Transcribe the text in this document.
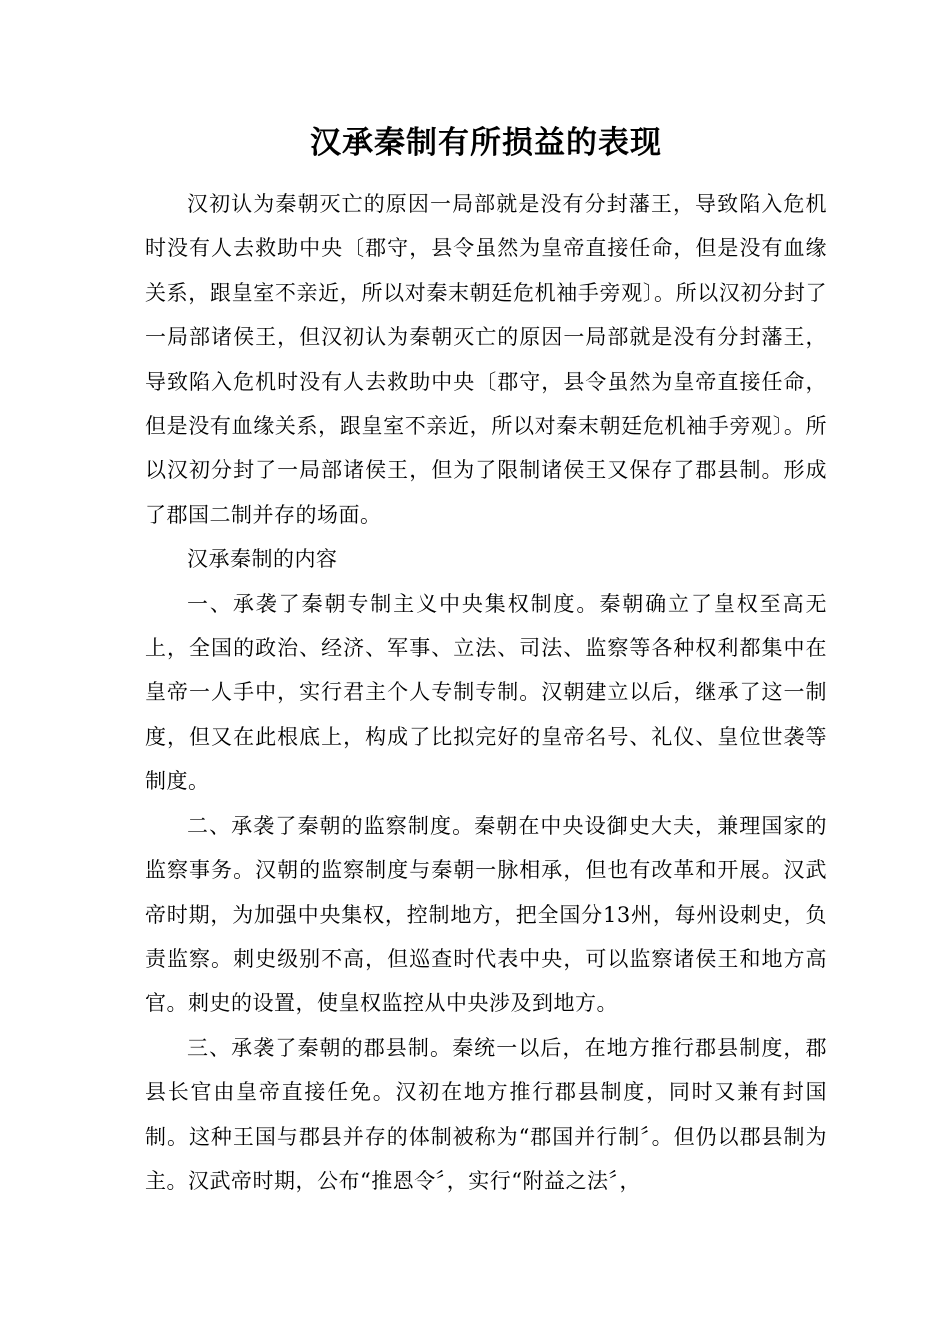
汉承秦制有所损益的表现

汉初认为秦朝灭亡的原因一局部就是没有分封藩王，导致陷入危机时没有人去救助中央〔郡守，县令虽然为皇帝直接任命，但是没有血缘关系，跟皇室不亲近，所以对秦末朝廷危机袖手旁观〕。所以汉初分封了一局部诸侯王，但汉初认为秦朝灭亡的原因一局部就是没有分封藩王，导致陷入危机时没有人去救助中央〔郡守，县令虽然为皇帝直接任命，但是没有血缘关系，跟皇室不亲近，所以对秦末朝廷危机袖手旁观〕。所以汉初分封了一局部诸侯王，但为了限制诸侯王又保存了郡县制。形成了郡国二制并存的场面。

汉承秦制的内容

一、承袭了秦朝专制主义中央集权制度。秦朝确立了皇权至高无上，全国的政治、经济、军事、立法、司法、监察等各种权利都集中在皇帝一人手中，实行君主个人专制专制。汉朝建立以后，继承了这一制度，但又在此根底上，构成了比拟完好的皇帝名号、礼仪、皇位世袭等制度。

二、承袭了秦朝的监察制度。秦朝在中央设御史大夫，兼理国家的监察事务。汉朝的监察制度与秦朝一脉相承，但也有改革和开展。汉武帝时期，为加强中央集权，控制地方，把全国分13州，每州设刺史，负责监察。刺史级别不高，但巡查时代表中央，可以监察诸侯王和地方高官。刺史的设置，使皇权监控从中央涉及到地方。

三、承袭了秦朝的郡县制。秦统一以后，在地方推行郡县制度，郡县长官由皇帝直接任免。汉初在地方推行郡县制度，同时又兼有封国制。这种王国与郡县并存的体制被称为“郡国并行制〞。但仍以郡县制为主。汉武帝时期，公布“推恩令〞，实行“附益之法〞，
